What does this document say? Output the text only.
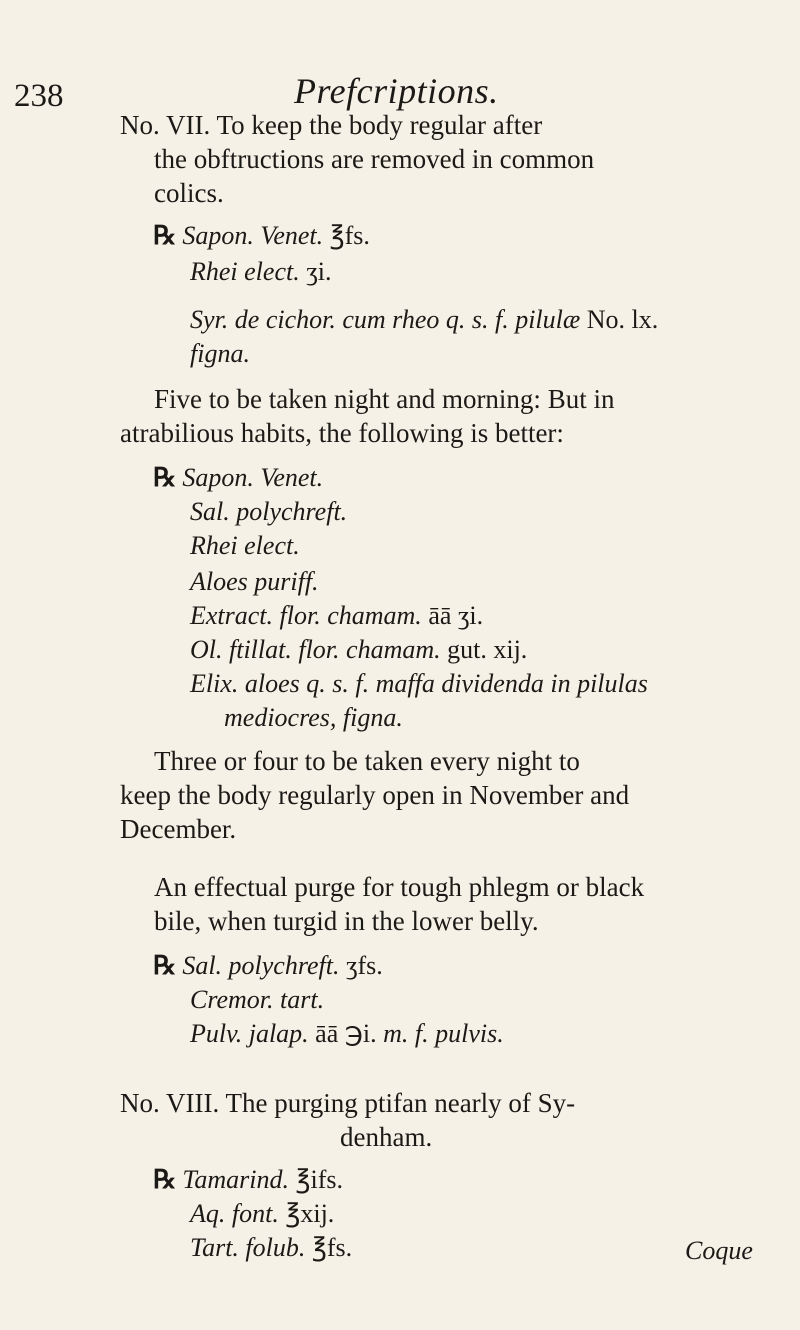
238	Prefcriptions.
No. VII. To keep the body regular after
the obftructions are removed in common
colics.
℞ Sapon. Venet. ℥fs.
Rhei elect. ʒi.
Syr. de cichor. cum rheo q. s. f. pilulæ No. lx.
figna.
Five to be taken night and morning: But in
atrabilious habits, the following is better:
℞ Sapon. Venet.
Sal. polychreft.
Rhei elect.
Aloes puriff.
Extract. flor. chamam. āā ʒi.
Ol. ftillat. flor. chamam. gut. xij.
Elix. aloes q. s. f. maffa dividenda in pilulas
mediocres, figna.
Three or four to be taken every night to
keep the body regularly open in November and
December.
An effectual purge for tough phlegm or black
bile, when turgid in the lower belly.
℞ Sal. polychreft. ʒfs.
Cremor. tart.
Pulv. jalap. āā ℈i. m. f. pulvis.
No. VIII. The purging ptifan nearly of Sy-
denham.
℞ Tamarind. ℥ifs.
Aq. font. ℥xij.
Tart. folub. ℥fs.	Coque
